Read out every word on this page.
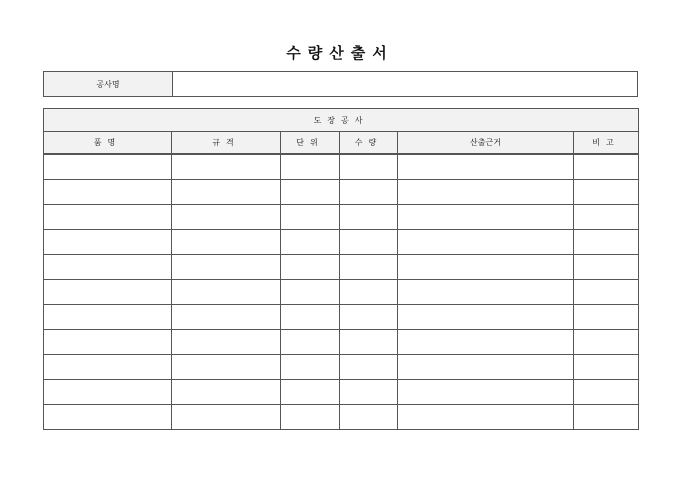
수량산출서
공사명	
도장공사					
품명	규격	단위	수량	산출근거	비고
